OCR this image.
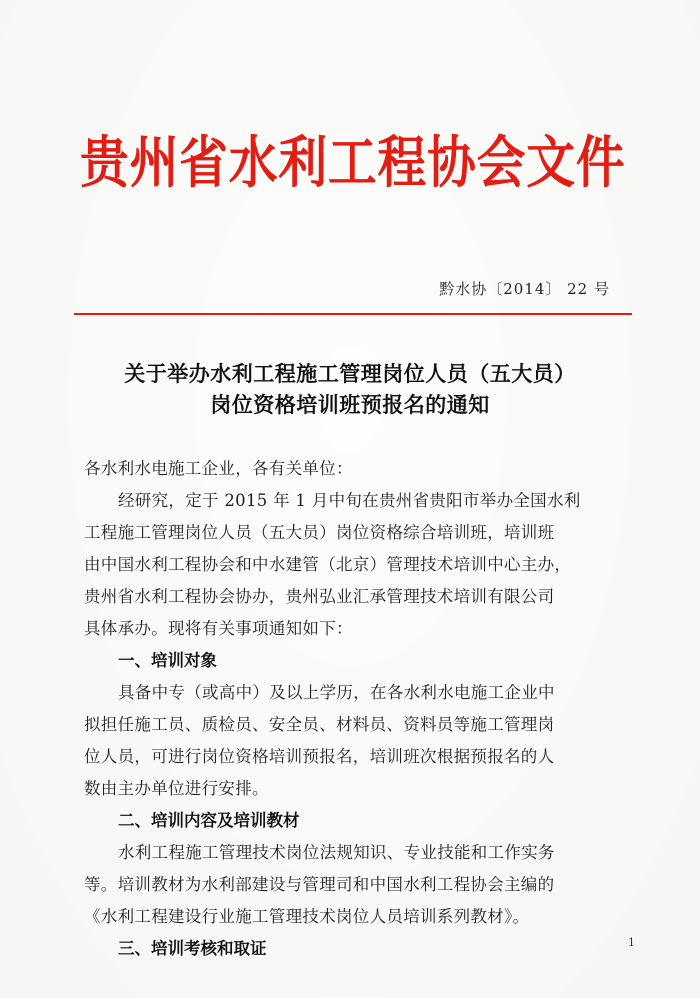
贵州省水利工程协会文件
黔水协〔2014〕 22 号
关于举办水利工程施工管理岗位人员（五大员）
岗位资格培训班预报名的通知
各水利水电施工企业，各有关单位：
经研究，定于 2015 年 1 月中旬在贵州省贵阳市举办全国水利
工程施工管理岗位人员（五大员）岗位资格综合培训班，培训班
由中国水利工程协会和中水建管（北京）管理技术培训中心主办，
贵州省水利工程协会协办，贵州弘业汇承管理技术培训有限公司
具体承办。现将有关事项通知如下：
一、培训对象
具备中专（或高中）及以上学历，在各水利水电施工企业中
拟担任施工员、质检员、安全员、材料员、资料员等施工管理岗
位人员，可进行岗位资格培训预报名，培训班次根据预报名的人
数由主办单位进行安排。
二、培训内容及培训教材
水利工程施工管理技术岗位法规知识、专业技能和工作实务
等。培训教材为水利部建设与管理司和中国水利工程协会主编的
《水利工程建设行业施工管理技术岗位人员培训系列教材》。
三、培训考核和取证	1
